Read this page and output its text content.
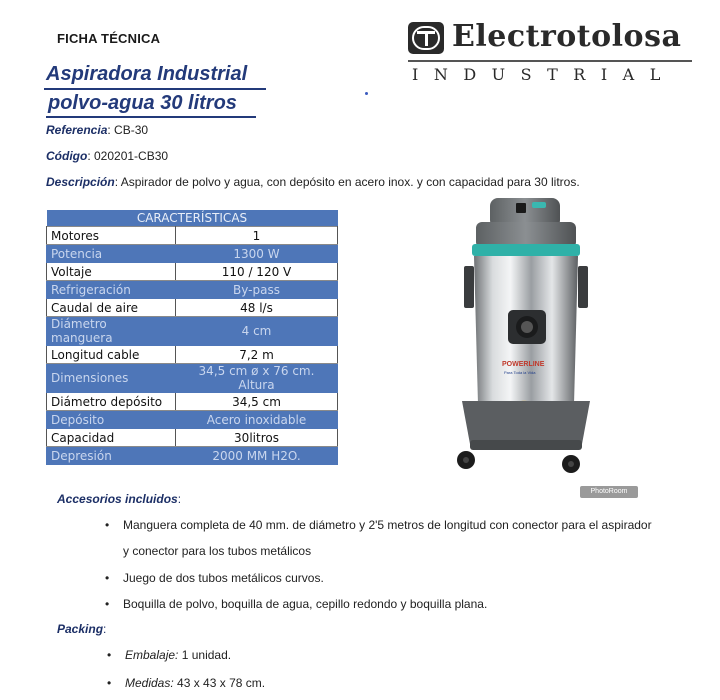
FICHA TÉCNICA
Aspiradora Industrial
polvo-agua 30 litros
Electrotolosa
INDUSTRIAL
Referencia: CB-30
Código: 020201-CB30
Descripción: Aspirador de polvo y agua, con depósito en acero inox. y con capacidad para 30 litros.
CARACTERÍSTICAS	
Motores	1
Potencia	1300 W
Voltaje	110 / 120 V
Refrigeración	By-pass
Caudal de aire	48 l/s
Diámetro manguera	4 cm
Longitud cable	7,2 m
Dimensiones	34,5 cm ø x 76 cm. Altura
Diámetro depósito	34,5 cm
Depósito	Acero inoxidable
Capacidad	30litros
Depresión	2000 MM H2O.
POWERLINE
Para Toda la Vida
PhotoRoom
Accesorios incluidos:
• Manguera completa de 40 mm. de diámetro y 2'5 metros de longitud con conector para el aspirador
y conector para los tubos metálicos
• Juego de dos tubos metálicos curvos.
• Boquilla de polvo, boquilla de agua, cepillo redondo y boquilla plana.
Packing:
• Embalaje: 1 unidad.
• Medidas: 43 x 43 x 78 cm.
